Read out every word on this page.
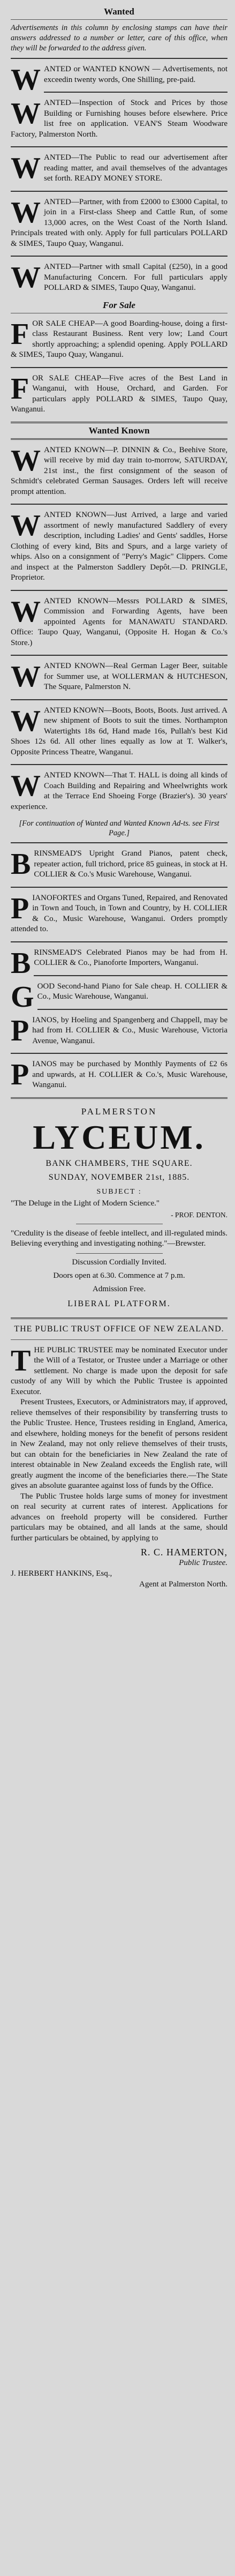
Wanted
Advertisements in this column by enclosing stamps can have their answers addressed to a number or letter, care of this office, when they will be forwarded to the address given.
W ANTED or WANTED KNOWN — Advertisements, not exceedin twenty words, One Shilling, pre-paid.

W ANTED—Inspection of Stock and Prices by those Building or Furnishing houses before elsewhere. Price list free on application. VEAN'S Steam Woodware Factory, Palmerston North.

W ANTED—The Public to read our advertisement after reading matter, and avail themselves of the advantages set forth. READY MONEY STORE.

W ANTED—Partner, with from £2000 to £3000 Capital, to join in a First-class Sheep and Cattle Run, of some 13,000 acres, on the West Coast of the North Island. Principals treated with only. Apply for full particulars POLLARD & SIMES, Taupo Quay, Wanganui.

W ANTED—Partner with small Capital (£250), in a good Manufacturing Concern. For full particulars apply POLLARD & SIMES, Taupo Quay, Wanganui.

For Sale
F OR SALE CHEAP—A good Boarding-house, doing a first-class Restaurant Business. Rent very low; Land Court shortly approaching; a splendid opening. Apply POLLARD & SIMES, Taupo Quay, Wanganui.

F OR SALE CHEAP—Five acres of the Best Land in Wanganui, with House, Orchard, and Garden. For particulars apply POLLARD & SIMES, Taupo Quay, Wanganui.

Wanted Known
W ANTED KNOWN—P. DINNIN & Co., Beehive Store, will receive by mid day train to-morrow, SATURDAY, 21st inst., the first consignment of the season of Schmidt's celebrated German Sausages. Orders left will receive prompt attention.

W ANTED KNOWN—Just Arrived, a large and varied assortment of newly manufactured Saddlery of every description, including Ladies' and Gents' saddles, Horse Clothing of every kind, Bits and Spurs, and a large variety of whips. Also on a consignment of "Perry's Magic" Clippers. Come and inspect at the Palmerston Saddlery Depôt.—D. PRINGLE, Proprietor.

W ANTED KNOWN—Messrs POLLARD & SIMES, Commission and Forwarding Agents, have been appointed Agents for MANAWATU STANDARD. Office: Taupo Quay, Wanganui, (Opposite H. Hogan & Co.'s Store.)

W ANTED KNOWN—Real German Lager Beer, suitable for Summer use, at WOLLERMAN & HUTCHESON, The Square, Palmerston N.

W ANTED KNOWN—Boots, Boots, Boots. Just arrived. A new shipment of Boots to suit the times. Northampton Watertights 18s 6d, Hand made 16s, Pullah's best Kid Shoes 12s 6d. All other lines equally as low at T. Walker's, Opposite Princess Theatre, Wanganui.

W ANTED KNOWN—That T. HALL is doing all kinds of Coach Building and Repairing and Wheelwrights work at the Terrace End Shoeing Forge (Brazier's). 30 years' experience.

[For continuation of Wanted and Wanted Known Ad-ts. see First Page.]
B RINSMEAD'S Upright Grand Pianos, patent check, repeater action, full trichord, price 85 guineas, in stock at H. COLLIER & Co.'s Music Warehouse, Wanganui.

P IANOFORTES and Organs Tuned, Repaired, and Renovated in Town and Touch, in Town and Country, by H. COLLIER & Co., Music Warehouse, Wanganui. Orders promptly attended to.

B RINSMEAD'S Celebrated Pianos may be had from H. COLLIER & Co., Pianoforte Importers, Wanganui.

G OOD Second-hand Piano for Sale cheap. H. COLLIER & Co., Music Warehouse, Wanganui.

P IANOS, by Hoeling and Spangenberg and Chappell, may be had from H. COLLIER & Co., Music Warehouse, Victoria Avenue, Wanganui.

P IANOS may be purchased by Monthly Payments of £2 6s and upwards, at H. COLLIER & Co.'s, Music Warehouse, Wanganui.

PALMERSTON
LYCEUM.
BANK CHAMBERS, THE SQUARE.
SUNDAY, NOVEMBER 21st, 1885.
SUBJECT :
"The Deluge in the Light of Modern Science."
- PROF. DENTON.
"Credulity is the disease of feeble intellect, and ill-regulated minds. Believing everything and investigating nothing."—Brewster.
Discussion Cordially Invited.
Doors open at 6.30. Commence at 7 p.m.
Admission Free.
LIBERAL PLATFORM.
THE PUBLIC TRUST OFFICE OF NEW ZEALAND.
T HE PUBLIC TRUSTEE may be nominated Executor under the Will of a Testator, or Trustee under a Marriage or other settlement. No charge is made upon the deposit for safe custody of any Will by which the Public Trustee is appointed Executor.

Present Trustees, Executors, or Administrators may, if approved, relieve themselves of their responsibility by transferring trusts to the Public Trustee. Hence, Trustees residing in England, America, and elsewhere, holding moneys for the benefit of persons resident in New Zealand, may not only relieve themselves of their trusts, but can obtain for the beneficiaries in New Zealand the rate of interest obtainable in New Zealand exceeds the English rate, will greatly augment the income of the beneficiaries there.—The State gives an absolute guarantee against loss of funds by the Office.

The Public Trustee holds large sums of money for investment on real security at current rates of interest. Applications for advances on freehold property will be considered. Further particulars may be obtained, and all lands at the same, should further particulars be obtained, by applying to

R. C. HAMERTON,
Public Trustee.
J. HERBERT HANKINS, Esq.,
Agent at Palmerston North.
